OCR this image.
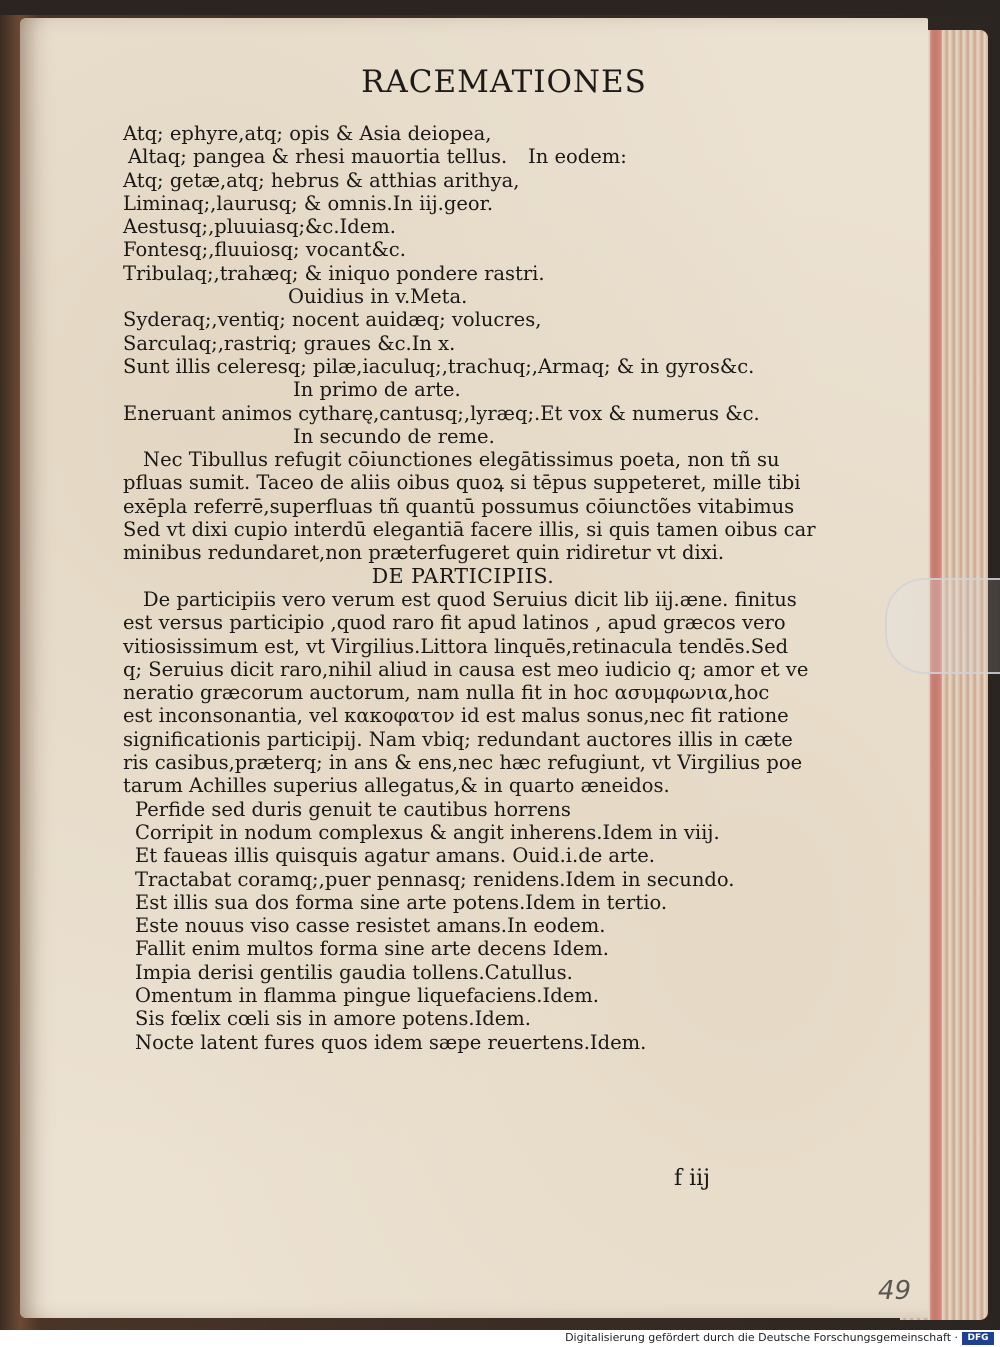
RACEMATIONES
Atq; ephyre,atq; opis & Asia deiopea,
Altaq; pangea & rhesi mauortia tellus. In eodem:
Atq; getæ,atq; hebrus & atthias arithya,
Liminaq;,laurusq; & omnis.In iij.geor.
Aestusq;,pluuiasq;&c.Idem.
Fontesq;,fluuiosq; vocant&c.
Tribulaq;,trahæq; & iniquo pondere rastri.
Ouidius in v.Meta.
Syderaq;,ventiq; nocent auidæq; volucres,
Sarculaq;,rastriq; graues &c.In x.
Sunt illis celeresq; pilæ,iaculuq;,trachuq;,Armaq; & in gyros&c.
In primo de arte.
Eneruant animos cytharę,cantusq;,lyræq;.Et vox & numerus &c.
In secundo de reme.
Nec Tibullus refugit cōiunctiones elegātissimus poeta, non tñ su
pfluas sumit. Taceo de aliis oibus quoꝝ si tēpus suppeteret, mille tibi
exēpla referrē,superfluas tñ quantū possumus cōiunctões vitabimus
Sed vt dixi cupio interdū elegantiā facere illis, si quis tamen oibus car
minibus redundaret,non præterfugeret quin ridiretur vt dixi.
DE PARTICIPIIS.
De participiis vero verum est quod Seruius dicit lib iij.æne. finitus
est versus participio ,quod raro fit apud latinos , apud græcos vero
vitiosissimum est, vt Virgilius.Littora linquēs,retinacula tendēs.Sed
q; Seruius dicit raro,nihil aliud in causa est meo iudicio q; amor et ve
neratio græcorum auctorum, nam nulla fit in hoc ασυμφωνια,hoc
est inconsonantia, vel κακοφατον id est malus sonus,nec fit ratione
significationis participij. Nam vbiq; redundant auctores illis in cæte
ris casibus,præterq; in ans & ens,nec hæc refugiunt, vt Virgilius poe
tarum Achilles superius allegatus,& in quarto æneidos.
Perfide sed duris genuit te cautibus horrens
Corripit in nodum complexus & angit inherens.Idem in viij.
Et faueas illis quisquis agatur amans. Ouid.i.de arte.
Tractabat coramq;,puer pennasq; renidens.Idem in secundo.
Est illis sua dos forma sine arte potens.Idem in tertio.
Este nouus viso casse resistet amans.In eodem.
Fallit enim multos forma sine arte decens Idem.
Impia derisi gentilis gaudia tollens.Catullus.
Omentum in flamma pingue liquefaciens.Idem.
Sis fœlix cœli sis in amore potens.Idem.
Nocte latent fures quos idem sæpe reuertens.Idem.
f iij
49
Digitalisierung gefördert durch die Deutsche Forschungsgemeinschaft ·	DFG
